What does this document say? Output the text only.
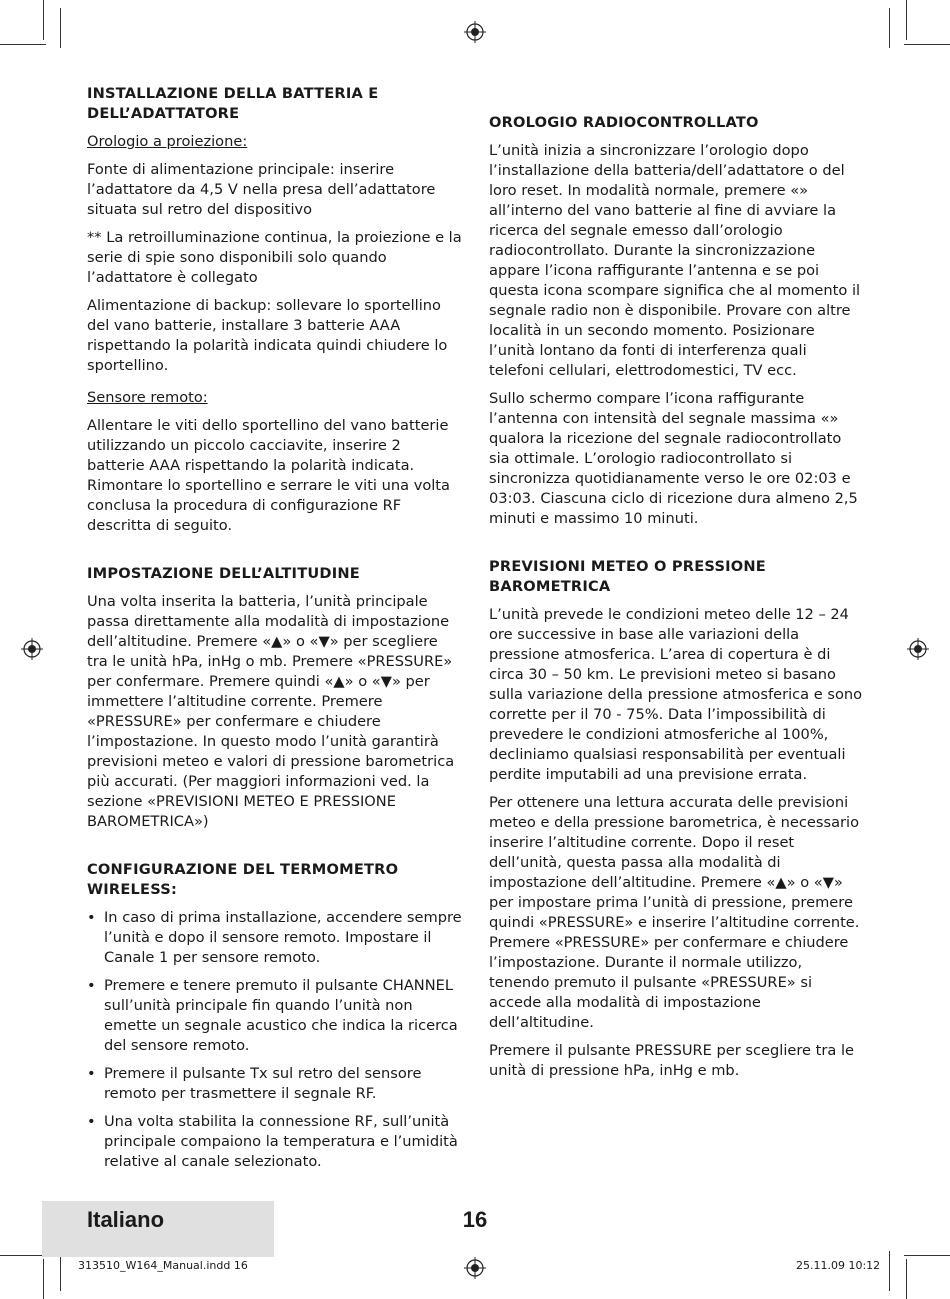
INSTALLAZIONE DELLA BATTERIA E DELL’ADATTATORE
Orologio a proiezione:

Fonte di alimentazione principale: inserire l’adattatore da 4,5 V nella presa dell’adattatore situata sul retro del dispositivo

** La retroilluminazione continua, la proiezione e la serie di spie sono disponibili solo quando l’adattatore è collegato

Alimentazione di backup: sollevare lo sportellino del vano batterie, installare 3 batterie AAA rispettando la polarità indicata quindi chiudere lo sportellino.

Sensore remoto:

Allentare le viti dello sportellino del vano batterie utilizzando un piccolo cacciavite, inserire 2 batterie AAA rispettando la polarità indicata. Rimontare lo sportellino e serrare le viti una volta conclusa la procedura di configurazione RF descritta di seguito.

IMPOSTAZIONE DELL’ALTITUDINE

Una volta inserita la batteria, l’unità principale passa direttamente alla modalità di impostazione dell’altitudine. Premere «▲» o «▼» per scegliere tra le unità hPa, inHg o mb. Premere «PRESSURE» per confermare. Premere quindi «▲» o «▼» per immettere l’altitudine corrente. Premere «PRESSURE» per confermare e chiudere l’impostazione. In questo modo l’unità garantirà previsioni meteo e valori di pressione barometrica più accurati. (Per maggiori informazioni ved. la sezione «PREVISIONI METEO E PRESSIONE BAROMETRICA»)

CONFIGURAZIONE DEL TERMOMETRO WIRELESS:
• In caso di prima installazione, accendere sempre l’unità e dopo il sensore remoto. Impostare il Canale 1 per sensore remoto.
• Premere e tenere premuto il pulsante CHANNEL sull’unità principale fin quando l’unità non emette un segnale acustico che indica la ricerca del sensore remoto.
• Premere il pulsante Tx sul retro del sensore remoto per trasmettere il segnale RF.
• Una volta stabilita la connessione RF, sull’unità principale compaiono la temperatura e l’umidità relative al canale selezionato.
OROLOGIO RADIOCONTROLLATO

L’unità inizia a sincronizzare l’orologio dopo l’installazione della batteria/dell’adattatore o del loro reset. In modalità normale, premere «» all’interno del vano batterie al fine di avviare la ricerca del segnale emesso dall’orologio radiocontrollato. Durante la sincronizzazione appare l’icona raffigurante l’antenna e se poi questa icona scompare significa che al momento il segnale radio non è disponibile. Provare con altre località in un secondo momento. Posizionare l’unità lontano da fonti di interferenza quali telefoni cellulari, elettrodomestici, TV ecc.

Sullo schermo compare l’icona raffigurante l’antenna con intensità del segnale massima «» qualora la ricezione del segnale radiocontrollato sia ottimale. L’orologio radiocontrollato si sincronizza quotidianamente verso le ore 02:03 e 03:03. Ciascuna ciclo di ricezione dura almeno 2,5 minuti e massimo 10 minuti.

PREVISIONI METEO O PRESSIONE BAROMETRICA

L’unità prevede le condizioni meteo delle 12 – 24 ore successive in base alle variazioni della pressione atmosferica. L’area di copertura è di circa 30 – 50 km. Le previsioni meteo si basano sulla variazione della pressione atmosferica e sono corrette per il 70 - 75%. Data l’impossibilità di prevedere le condizioni atmosferiche al 100%, decliniamo qualsiasi responsabilità per eventuali perdite imputabili ad una previsione errata.

Per ottenere una lettura accurata delle previsioni meteo e della pressione barometrica, è necessario inserire l’altitudine corrente. Dopo il reset dell’unità, questa passa alla modalità di impostazione dell’altitudine. Premere «▲» o «▼» per impostare prima l’unità di pressione, premere quindi «PRESSURE» e inserire l’altitudine corrente. Premere «PRESSURE» per confermare e chiudere l’impostazione. Durante il normale utilizzo, tenendo premuto il pulsante «PRESSURE» si accede alla modalità di impostazione dell’altitudine.

Premere il pulsante PRESSURE per scegliere tra le unità di pressione hPa, inHg e mb.

Italiano	16
313510_W164_Manual.indd 16	25.11.09 10:12
